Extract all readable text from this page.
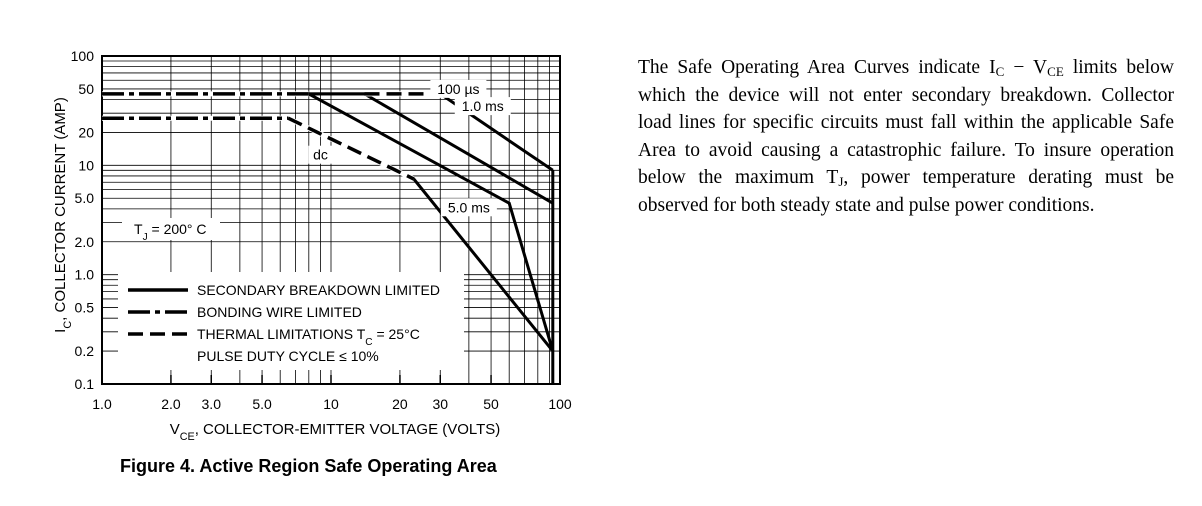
1.0	2.0 3.0 5.0	10	20 30	50	100
100
50
20
10
5.0
2.0
1.0
0.5
0.2
0.1
100 µs
1.0 ms
dc
5.0 ms
$T_J = 200^\circ$ C
SECONDARY BREAKDOWN LIMITED
BONDING WIRE LIMITED
THERMAL LIMITATIONS $T_C = 25^\circ C$
PULSE DUTY CYCLE ≤ 10%
$V_{CE}$, COLLECTOR-EMITTER VOLTAGE (VOLTS)
$I_C$, COLLECTOR CURRENT (AMP)
Figure 4. Active Region Safe Operating Area
The Safe Operating Area Curves indicate $I_C - V_{CE}$ limits below which the device will not enter secondary breakdown. Collector load lines for specific circuits must fall within the applicable Safe Area to avoid causing a catastrophic failure. To insure operation below the maximum $T_J$, power temperature derating must be observed for both steady state and pulse power conditions.
